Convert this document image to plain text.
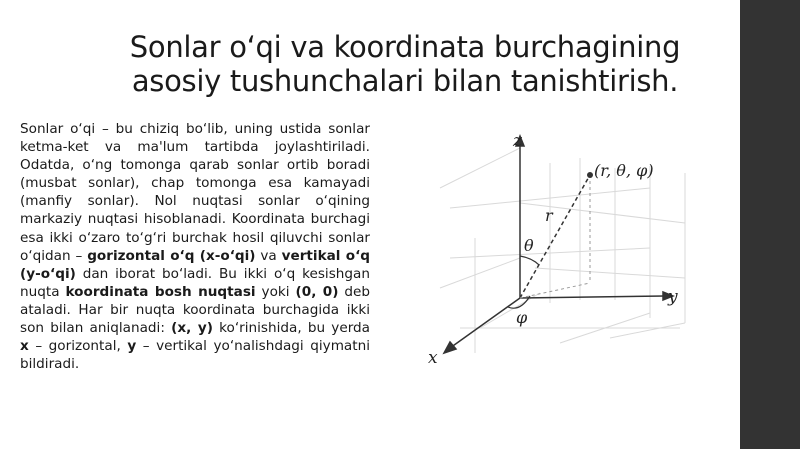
Sonlar o‘qi va koordinata burchagining
asosiy tushunchalari bilan tanishtirish.

Sonlar o‘qi – bu chiziq bo‘lib, uning ustida sonlar ketma-ket va ma'lum tartibda joylashtiriladi. Odatda, o‘ng tomonga qarab sonlar ortib boradi (musbat sonlar), chap tomonga esa kamayadi (manfiy sonlar). Nol nuqtasi sonlar o‘qining markaziy nuqtasi hisoblanadi. Koordinata burchagi esa ikki o‘zaro to‘g‘ri burchak hosil qiluvchi sonlar o‘qidan – gorizontal o‘q (x-o‘qi) va vertikal o‘q (y-o‘qi) dan iborat bo‘ladi. Bu ikki o‘q kesishgan nuqta koordinata bosh nuqtasi yoki (0, 0) deb ataladi. Har bir nuqta koordinata burchagida ikki son bilan aniqlanadi: (x, y) ko‘rinishida, bu yerda x – gorizontal, y – vertikal yo‘nalishdagi qiymatni bildiradi.

z
y
x
(r, θ, φ)
r
θ
φ
